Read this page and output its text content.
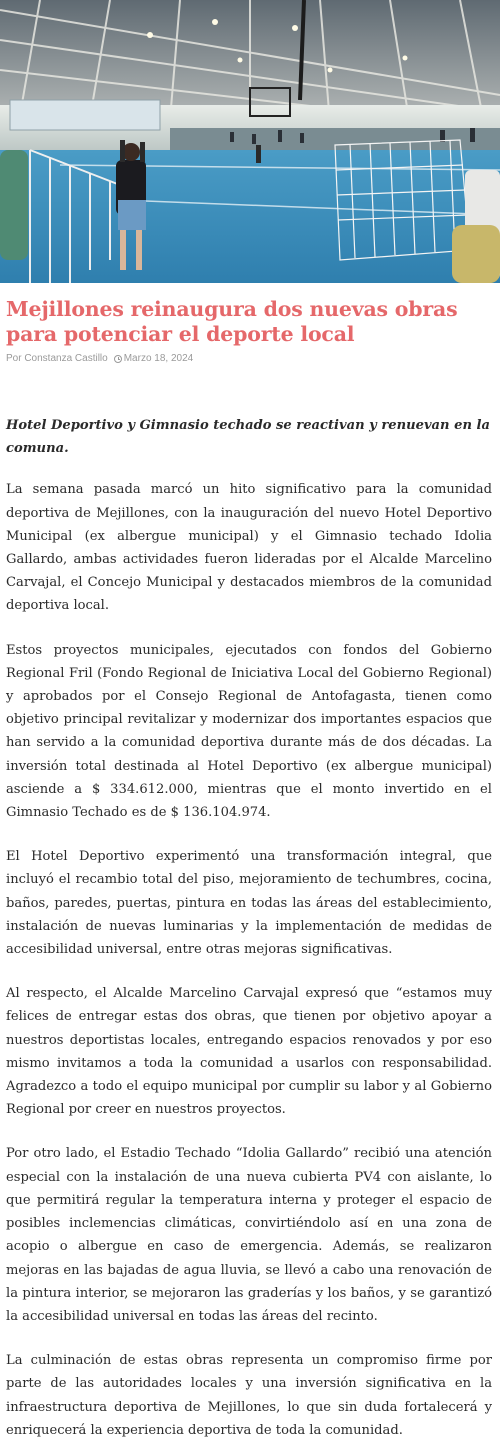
Mejillones reinaugura dos nuevas obras para potenciar el deporte local
Por Constanza Castillo Marzo 18, 2024

Hotel Deportivo y Gimnasio techado se reactivan y renuevan en la comuna.

La semana pasada marcó un hito significativo para la comunidad deportiva de Mejillones, con la inauguración del nuevo Hotel Deportivo Municipal (ex albergue municipal) y el Gimnasio techado Idolia Gallardo, ambas actividades fueron lideradas por el Alcalde Marcelino Carvajal, el Concejo Municipal y destacados miembros de la comunidad deportiva local.

Estos proyectos municipales, ejecutados con fondos del Gobierno Regional Fril (Fondo Regional de Iniciativa Local del Gobierno Regional) y aprobados por el Consejo Regional de Antofagasta, tienen como objetivo principal revitalizar y modernizar dos importantes espacios que han servido a la comunidad deportiva durante más de dos décadas. La inversión total destinada al Hotel Deportivo (ex albergue municipal) asciende a $ 334.612.000, mientras que el monto invertido en el Gimnasio Techado es de $ 136.104.974.

El Hotel Deportivo experimentó una transformación integral, que incluyó el recambio total del piso, mejoramiento de techumbres, cocina, baños, paredes, puertas, pintura en todas las áreas del establecimiento, instalación de nuevas luminarias y la implementación de medidas de accesibilidad universal, entre otras mejoras significativas.

Al respecto, el Alcalde Marcelino Carvajal expresó que “estamos muy felices de entregar estas dos obras, que tienen por objetivo apoyar a nuestros deportistas locales, entregando espacios renovados y por eso mismo invitamos a toda la comunidad a usarlos con responsabilidad. Agradezco a todo el equipo municipal por cumplir su labor y al Gobierno Regional por creer en nuestros proyectos.

Por otro lado, el Estadio Techado “Idolia Gallardo” recibió una atención especial con la instalación de una nueva cubierta PV4 con aislante, lo que permitirá regular la temperatura interna y proteger el espacio de posibles inclemencias climáticas, convirtiéndolo así en una zona de acopio o albergue en caso de emergencia. Además, se realizaron mejoras en las bajadas de agua lluvia, se llevó a cabo una renovación de la pintura interior, se mejoraron las graderías y los baños, y se garantizó la accesibilidad universal en todas las áreas del recinto.

La culminación de estas obras representa un compromiso firme por parte de las autoridades locales y una inversión significativa en la infraestructura deportiva de Mejillones, lo que sin duda fortalecerá y enriquecerá la experiencia deportiva de toda la comunidad.
